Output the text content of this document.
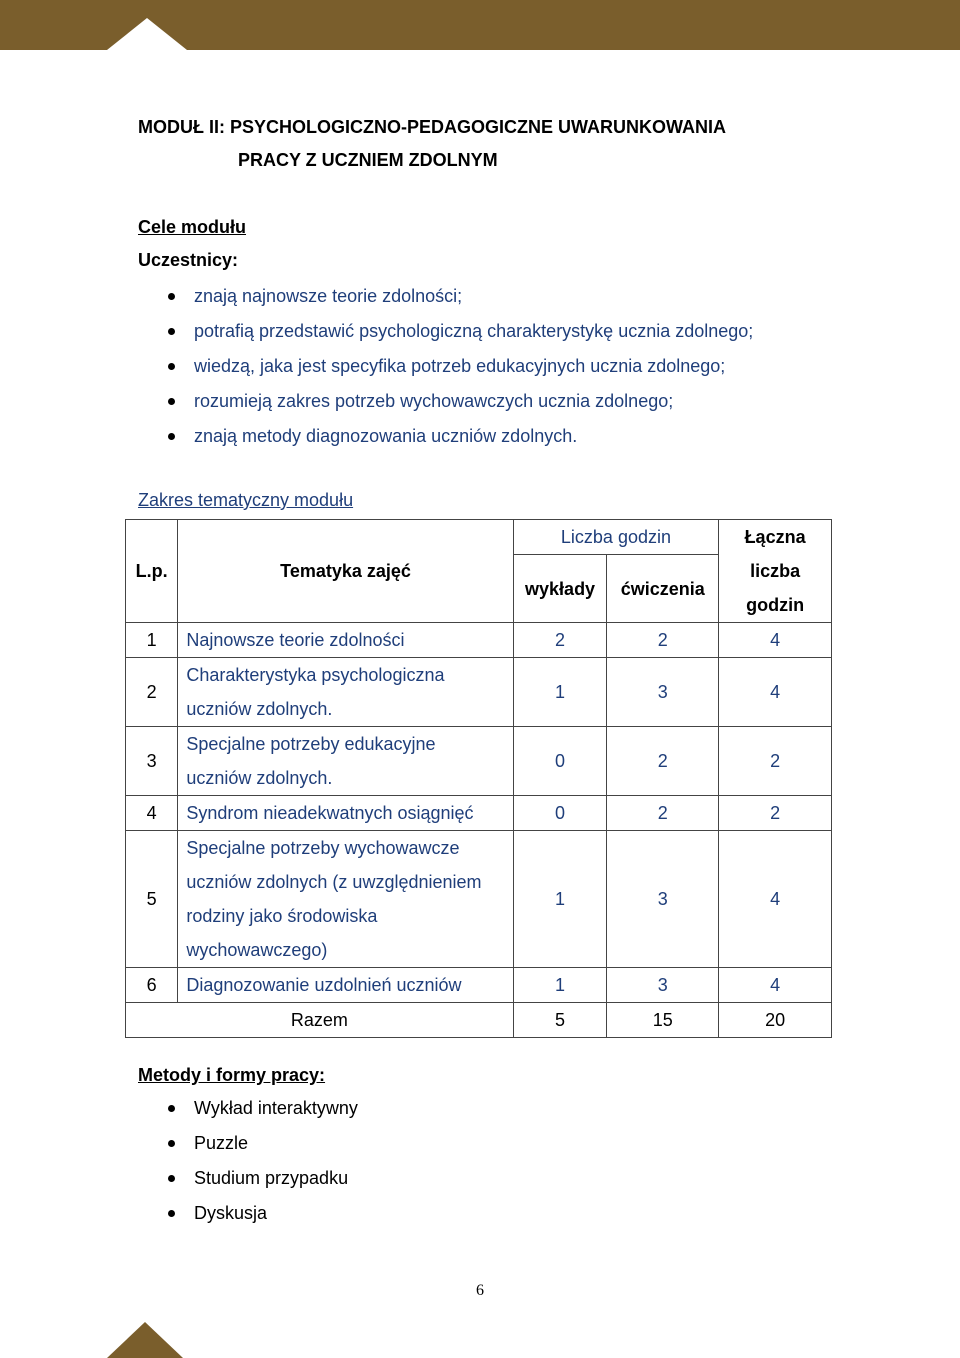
MODUŁ II: PSYCHOLOGICZNO-PEDAGOGICZNE UWARUNKOWANIA
PRACY Z UCZNIEM ZDOLNYM
Cele modułu
Uczestnicy:
znają najnowsze teorie zdolności;
potrafią przedstawić psychologiczną charakterystykę ucznia zdolnego;
wiedzą, jaka jest specyfika potrzeb edukacyjnych ucznia zdolnego;
rozumieją zakres potrzeb wychowawczych ucznia zdolnego;
znają metody diagnozowania uczniów zdolnych.
Zakres tematyczny modułu
L.p.	Tematyka zajęć	Liczba godzin		Łączna
liczba
godzin

		wykłady	ćwiczenia	
1	Najnowsze teorie zdolności	2	2	4
2	Charakterystyka psychologiczna uczniów zdolnych.	1	3	4
3	Specjalne potrzeby edukacyjne uczniów zdolnych.	0	2	2
4	Syndrom nieadekwatnych osiągnięć	0	2	2
5	Specjalne potrzeby wychowawcze uczniów zdolnych (z uwzględnieniem rodziny jako środowiska wychowawczego)	1	3	4
6	Diagnozowanie uzdolnień uczniów	1	3	4
Razem		5	15	20
Metody i formy pracy:
Wykład interaktywny
Puzzle
Studium przypadku
Dyskusja
6
